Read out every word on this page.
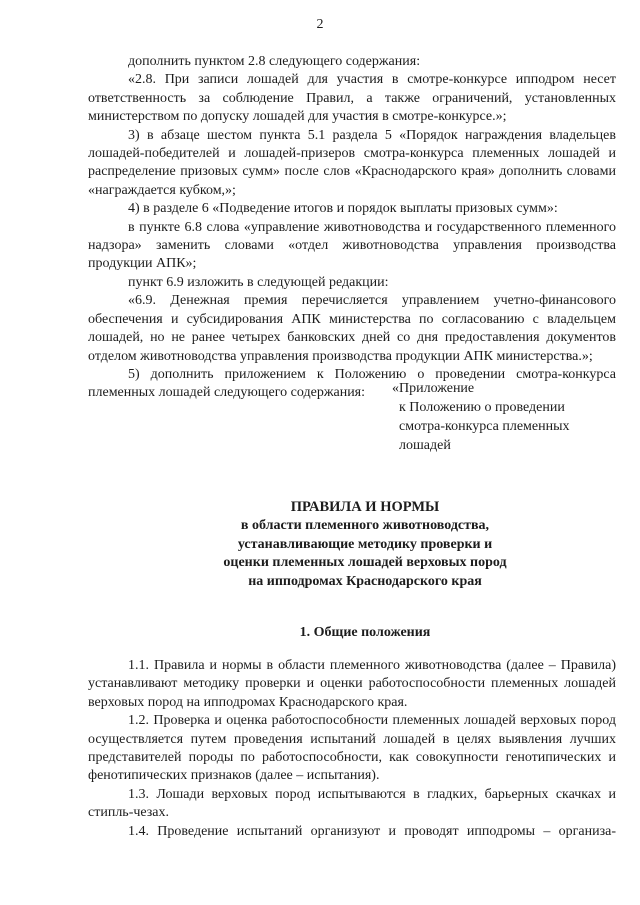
2

дополнить пунктом 2.8 следующего содержания:

«2.8. При записи лошадей для участия в смотре-конкурсе ипподром несет ответственность за соблюдение Правил, а также ограничений, установленных министерством по допуску лошадей для участия в смотре-конкурсе.»;

3) в абзаце шестом пункта 5.1 раздела 5 «Порядок награждения владельцев лошадей-победителей и лошадей-призеров смотра-конкурса племенных лошадей и распределение призовых сумм» после слов «Краснодарского края» дополнить словами «награждается кубком,»;

4) в разделе 6 «Подведение итогов и порядок выплаты призовых сумм»:

в пункте 6.8 слова «управление животноводства и государственного племенного надзора» заменить словами «отдел животноводства управления производства продукции АПК»;

пункт 6.9 изложить в следующей редакции:

«6.9. Денежная премия перечисляется управлением учетно-финансового обеспечения и субсидирования АПК министерства по согласованию с владельцем лошадей, но не ранее четырех банковских дней со дня предоставления документов отделом животноводства управления производства продукции АПК министерства.»;

5) дополнить приложением к Положению о проведении смотра-конкурса племенных лошадей следующего содержания:	«Приложение
к Положению о проведении
смотра-конкурса племенных
лошадей
ПРАВИЛА И НОРМЫ
в области племенного животноводства,
устанавливающие методику проверки и
оценки племенных лошадей верховых пород
на ипподромах Краснодарского края
1. Общие положения

1.1. Правила и нормы в области племенного животноводства (далее – Правила) устанавливают методику проверки и оценки работоспособности племенных лошадей верховых пород на ипподромах Краснодарского края.

1.2. Проверка и оценка работоспособности племенных лошадей верховых пород осуществляется путем проведения испытаний лошадей в целях выявления лучших представителей породы по работоспособности, как совокупности генотипических и фенотипических признаков (далее – испытания).

1.3. Лошади верховых пород испытываются в гладких, барьерных скачках и стипль-чезах.

1.4. Проведение испытаний организуют и проводят ипподромы – организа-
